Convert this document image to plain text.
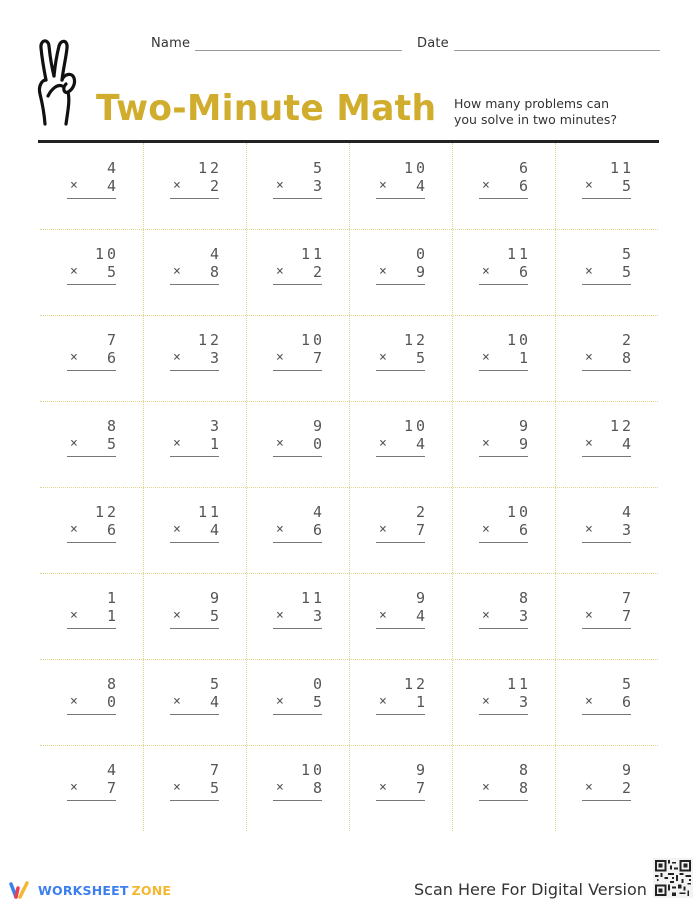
Name	Date
Two-Minute Math How many problems can
you solve in two minutes?
4
× 4
12
× 2
5
× 3
10
× 4
6
× 6
11
× 5
10
× 5
4
× 8
11
× 2
0
× 9
11
× 6
5
× 5
7
× 6
12
× 3
10
× 7
12
× 5
10
× 1
2
× 8
8
× 5
3
× 1
9
× 0
10
× 4
9
× 9
12
× 4
12
× 6
11
× 4
4
× 6
2
× 7
10
× 6
4
× 3
1
× 1
9
× 5
11
× 3
9
× 4
8
× 3
7
× 7
8
× 0
5
× 4
0
× 5
12
× 1
11
× 3
5
× 6
4
× 7
7
× 5
10
× 8
9
× 7
8
× 8
9
× 2
WORKSHEET ZONE	Scan Here For Digital Version
